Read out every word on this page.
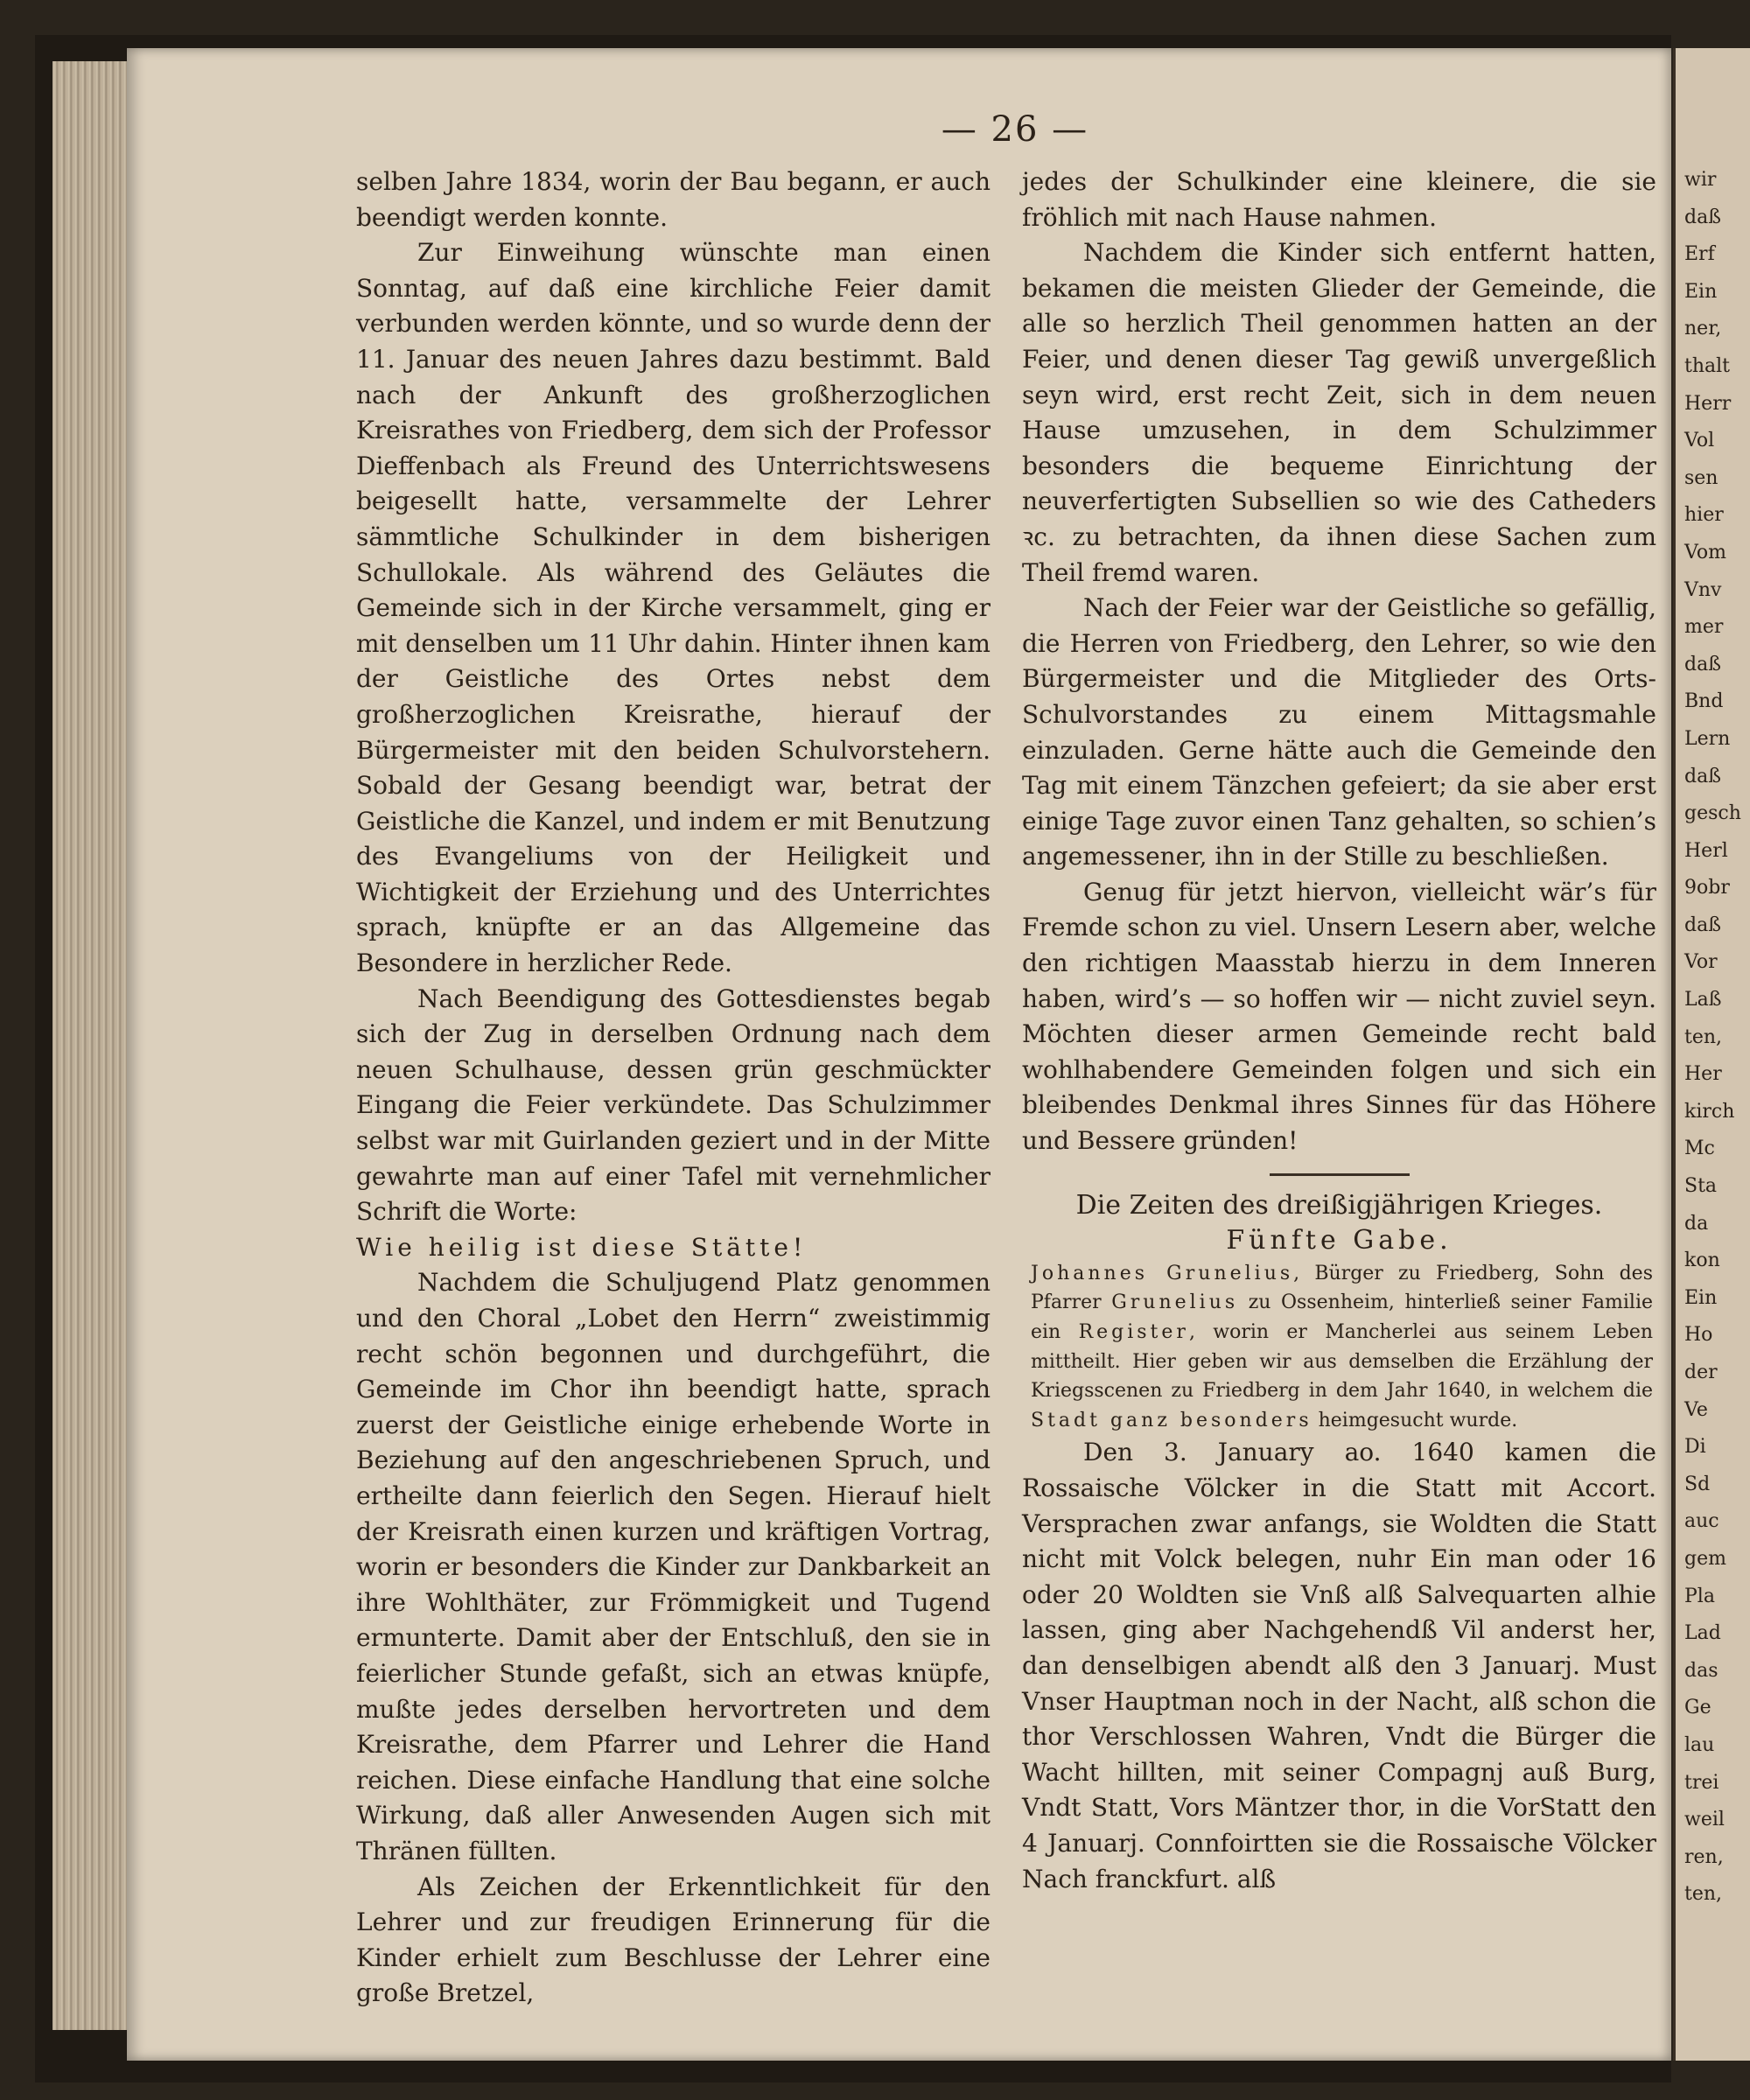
— 26 —

selben Jahre 1834, worin der Bau begann, er auch beendigt werden konnte.

Zur Einweihung wünschte man einen Sonntag, auf daß eine kirchliche Feier damit verbunden werden könnte, und so wurde denn der 11. Januar des neuen Jahres dazu bestimmt. Bald nach der Ankunft des großherzoglichen Kreisrathes von Friedberg, dem sich der Professor Dieffenbach als Freund des Unterrichtswesens beigesellt hatte, versammelte der Lehrer sämmtliche Schulkinder in dem bisherigen Schullokale. Als während des Geläutes die Gemeinde sich in der Kirche versammelt, ging er mit denselben um 11 Uhr dahin. Hinter ihnen kam der Geistliche des Ortes nebst dem großherzoglichen Kreisrathe, hierauf der Bürgermeister mit den beiden Schulvorstehern. Sobald der Gesang beendigt war, betrat der Geistliche die Kanzel, und indem er mit Benutzung des Evangeliums von der Heiligkeit und Wichtigkeit der Erziehung und des Unterrichtes sprach, knüpfte er an das Allgemeine das Besondere in herzlicher Rede.

Nach Beendigung des Gottesdienstes begab sich der Zug in derselben Ordnung nach dem neuen Schulhause, dessen grün geschmückter Eingang die Feier verkündete. Das Schulzimmer selbst war mit Guirlanden geziert und in der Mitte gewahrte man auf einer Tafel mit vernehmlicher Schrift die Worte:

Wie heilig ist diese Stätte!

Nachdem die Schuljugend Platz genommen und den Choral „Lobet den Herrn“ zweistimmig recht schön begonnen und durchgeführt, die Gemeinde im Chor ihn beendigt hatte, sprach zuerst der Geistliche einige erhebende Worte in Beziehung auf den angeschriebenen Spruch, und ertheilte dann feierlich den Segen. Hierauf hielt der Kreisrath einen kurzen und kräftigen Vortrag, worin er besonders die Kinder zur Dankbarkeit an ihre Wohlthäter, zur Frömmigkeit und Tugend ermunterte. Damit aber der Entschluß, den sie in feierlicher Stunde gefaßt, sich an etwas knüpfe, mußte jedes derselben hervortreten und dem Kreisrathe, dem Pfarrer und Lehrer die Hand reichen. Diese einfache Handlung that eine solche Wirkung, daß aller Anwesenden Augen sich mit Thränen füllten.

Als Zeichen der Erkenntlichkeit für den Lehrer und zur freudigen Erinnerung für die Kinder erhielt zum Beschlusse der Lehrer eine große Bretzel,

jedes der Schulkinder eine kleinere, die sie fröhlich mit nach Hause nahmen.

Nachdem die Kinder sich entfernt hatten, bekamen die meisten Glieder der Gemeinde, die alle so herzlich Theil genommen hatten an der Feier, und denen dieser Tag gewiß unvergeßlich seyn wird, erst recht Zeit, sich in dem neuen Hause umzusehen, in dem Schulzimmer besonders die bequeme Einrichtung der neuverfertigten Subsellien so wie des Catheders ꝛc. zu betrachten, da ihnen diese Sachen zum Theil fremd waren.

Nach der Feier war der Geistliche so gefällig, die Herren von Friedberg, den Lehrer, so wie den Bürgermeister und die Mitglieder des Orts-Schulvorstandes zu einem Mittagsmahle einzuladen. Gerne hätte auch die Gemeinde den Tag mit einem Tänzchen gefeiert; da sie aber erst einige Tage zuvor einen Tanz gehalten, so schien’s angemessener, ihn in der Stille zu beschließen.

Genug für jetzt hiervon, vielleicht wär’s für Fremde schon zu viel. Unsern Lesern aber, welche den richtigen Maasstab hierzu in dem Inneren haben, wird’s — so hoffen wir — nicht zuviel seyn. Möchten dieser armen Gemeinde recht bald wohlhabendere Gemeinden folgen und sich ein bleibendes Denkmal ihres Sinnes für das Höhere und Bessere gründen!

Die Zeiten des dreißigjährigen Krieges.

Fünfte Gabe.

Johannes Grunelius, Bürger zu Friedberg, Sohn des Pfarrer Grunelius zu Ossenheim, hinterließ seiner Familie ein Register, worin er Mancherlei aus seinem Leben mittheilt. Hier geben wir aus demselben die Erzählung der Kriegsscenen zu Friedberg in dem Jahr 1640, in welchem die Stadt ganz besonders heimgesucht wurde.

Den 3. January ao. 1640 kamen die Rossaische Völcker in die Statt mit Accort. Versprachen zwar anfangs, sie Woldten die Statt nicht mit Volck belegen, nuhr Ein man oder 16 oder 20 Woldten sie Vnß alß Salvequarten alhie lassen, ging aber Nachgehendß Vil anderst her, dan denselbigen abendt alß den 3 Januarj. Must Vnser Hauptman noch in der Nacht, alß schon die thor Verschlossen Wahren, Vndt die Bürger die Wacht hillten, mit seiner Compagnj auß Burg, Vndt Statt, Vors Mäntzer thor, in die VorStatt den 4 Januarj. Connfoirtten sie die Rossaische Völcker Nach franckfurt. alß

wir
daß
Erf
Ein
ner,
thalt
Herr
Vol
sen
hier
Vom
Vnv
mer
daß
Bnd
Lern
daß
gesch
Herl
9obr
daß
Vor
Laß
ten,
Her
kirch
Mc
Sta
da
kon
Ein
Ho
der
Ve
Di
Sd
auc
gem
Pla
Lad
das
Ge
lau
trei
weil
ren,
ten,
